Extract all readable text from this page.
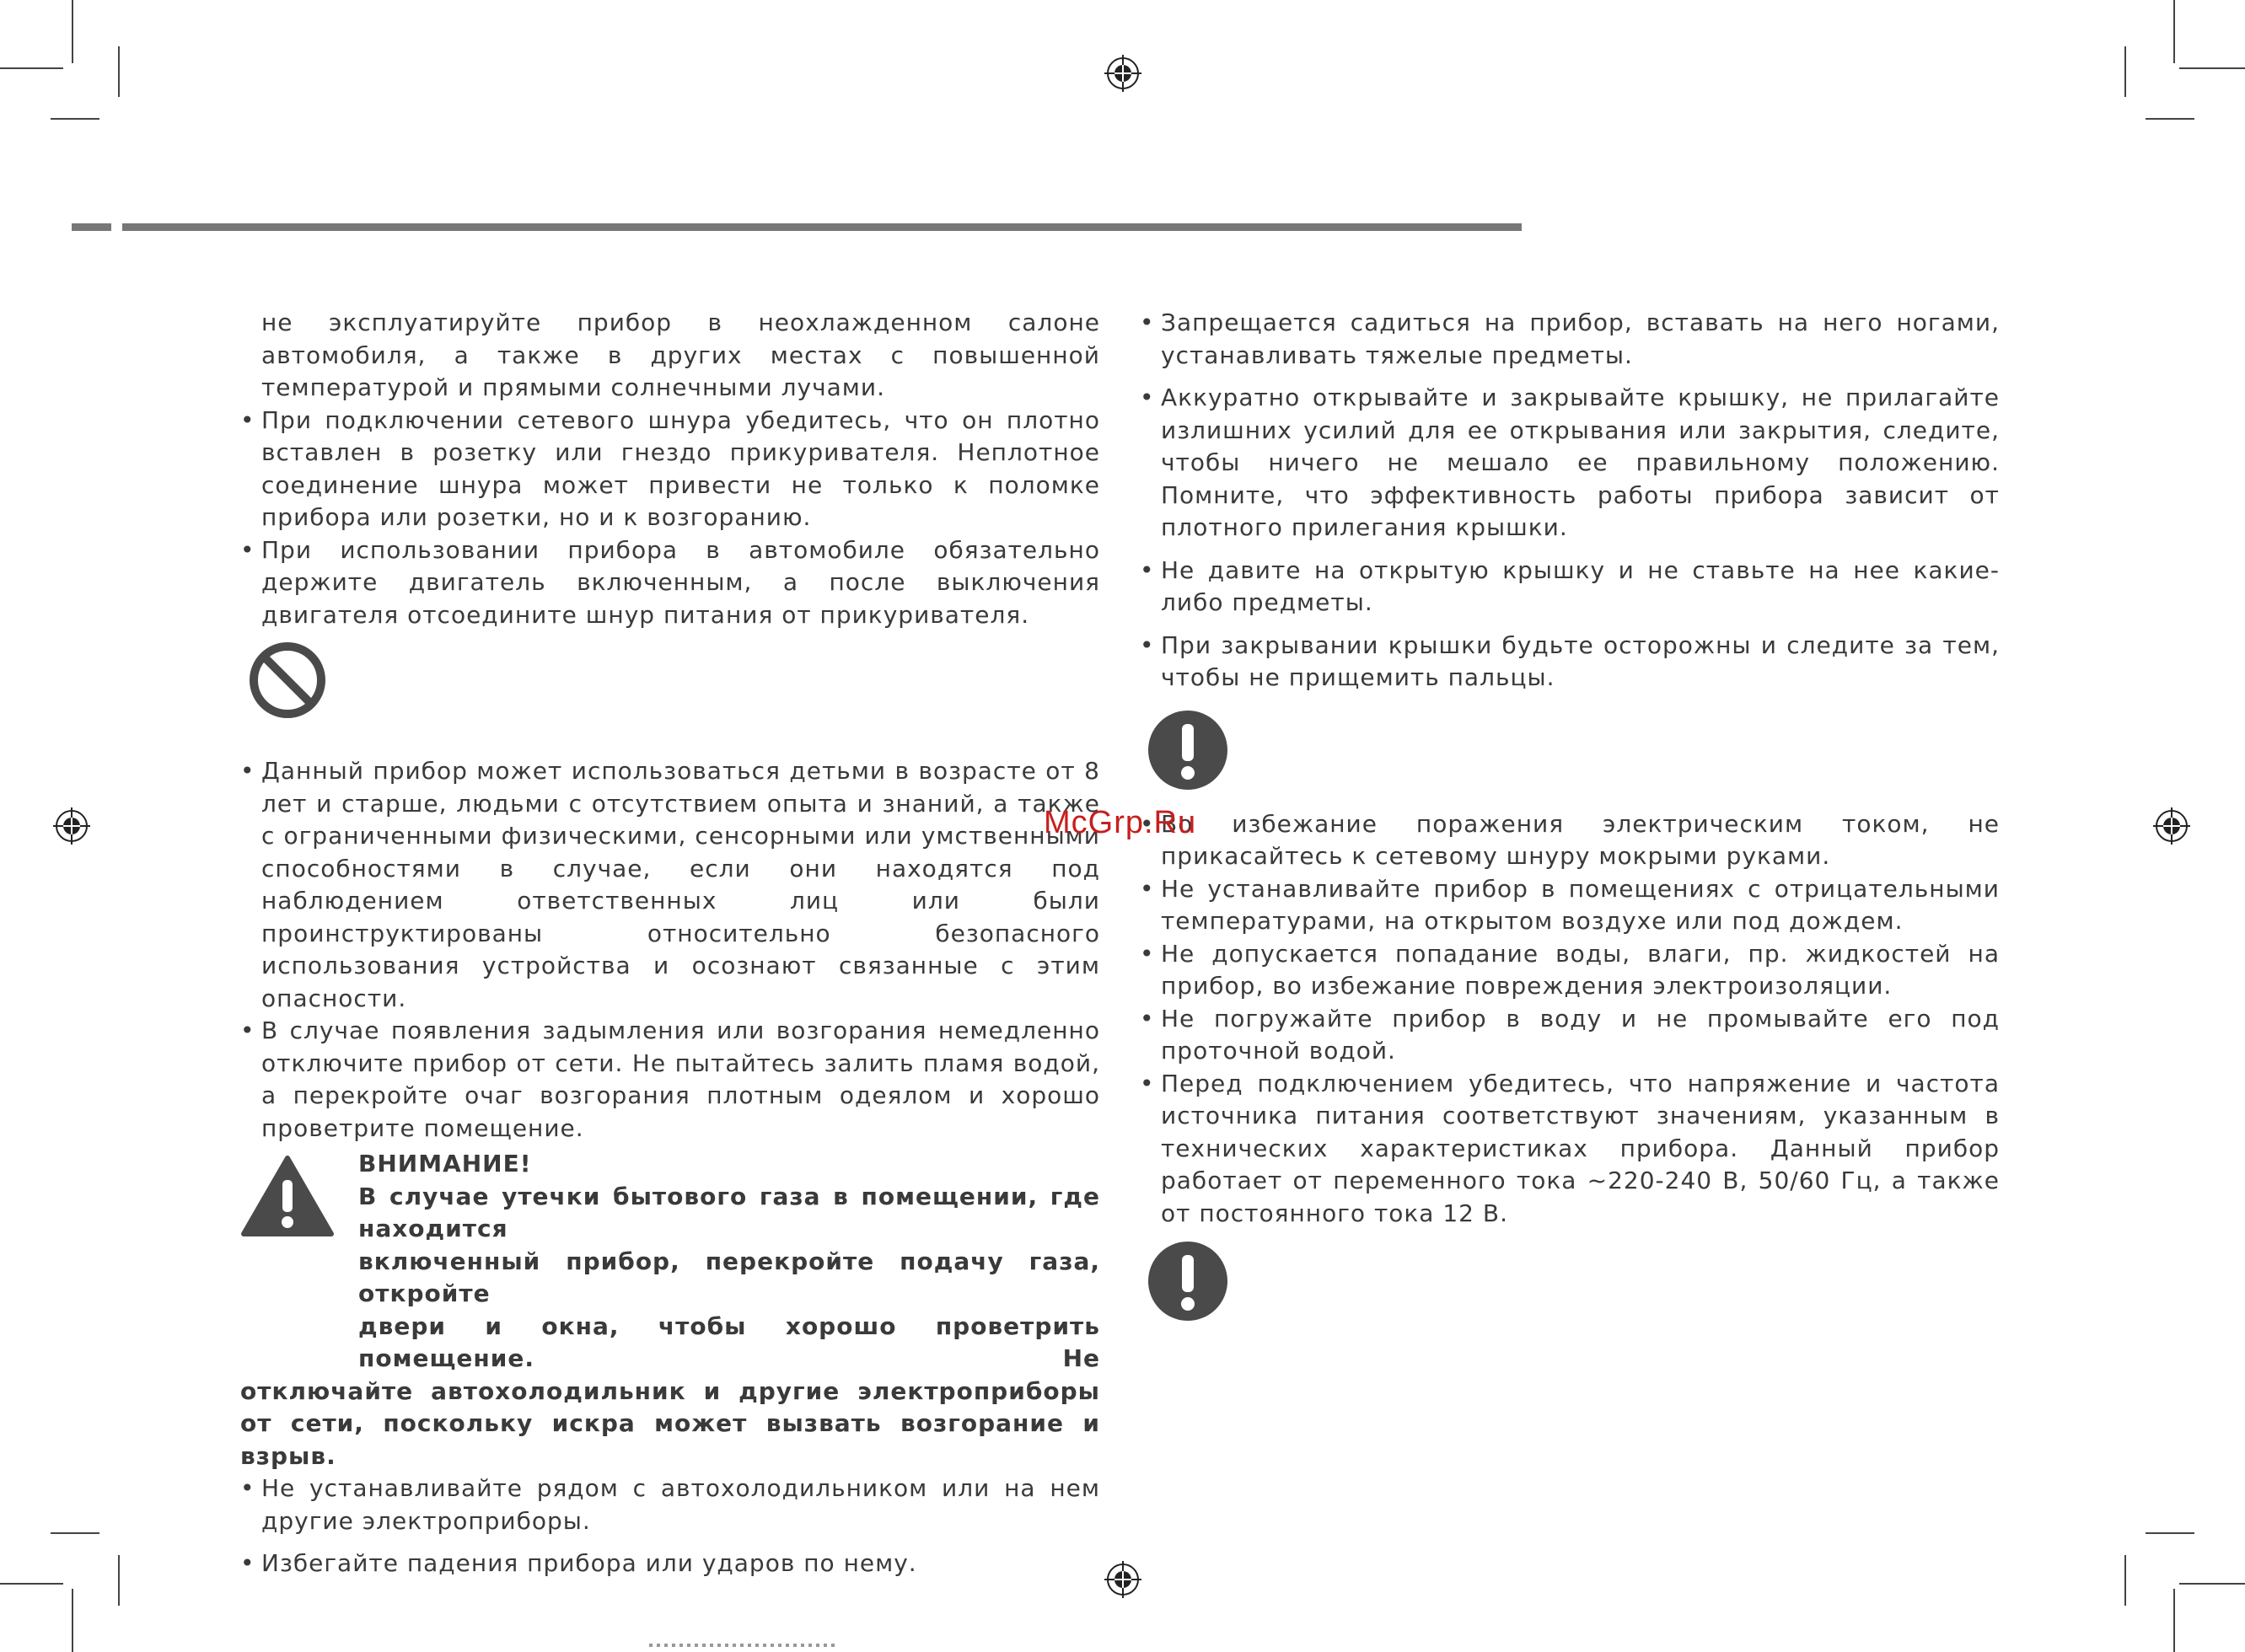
не эксплуатируйте прибор в неохлажденном салоне автомобиля, а также в других местах с повышенной температурой и прямыми солнечными лучами.

• При подключении сетевого шнура убедитесь, что он плотно вставлен в розетку или гнездо прикуривателя. Неплотное соединение шнура может привести не только к поломке прибора или розетки, но и к возгоранию.

• При использовании прибора в автомобиле обязательно держите двигатель включенным, а после выключения двигателя отсоедините шнур питания от прикуривателя.

• Данный прибор может использоваться детьми в возрасте от 8 лет и старше, людьми с отсутствием опыта и знаний, а также с ограниченными физическими, сенсорными или умственными способностями в случае, если они находятся под наблюдением ответственных лиц или были проинструктированы относительно безопасного использования устройства и осознают связанные с этим опасности.

• В случае появления задымления или возгорания немедленно отключите прибор от сети. Не пытайтесь залить пламя водой, а перекройте очаг возгорания плотным одеялом и хорошо проветрите помещение.

ВНИМАНИЕ!
В случае утечки бытового газа в помещении, где находится
включенный прибор, перекройте подачу газа, откройте
двери и окна, чтобы хорошо проветрить помещение. Не
отключайте автохолодильник и другие электроприборы от сети, поскольку искра может вызвать возгорание и взрыв.

• Не устанавливайте рядом с автохолодильником или на нем другие электроприборы.

• Избегайте падения прибора или ударов по нему.

• Запрещается садиться на прибор, вставать на него ногами, устанавливать тяжелые предметы.

• Аккуратно открывайте и закрывайте крышку, не прилагайте излишних усилий для ее открывания или закрытия, следите, чтобы ничего не мешало ее правильному положению. Помните, что эффективность работы прибора зависит от плотного прилегания крышки.

• Не давите на открытую крышку и не ставьте на нее какие-либо предметы.

• При закрывании крышки будьте осторожны и следите за тем, чтобы не прищемить пальцы.

• Во избежание поражения электрическим током, не прикасайтесь к сетевому шнуру мокрыми руками.

• Не устанавливайте прибор в помещениях с отрицательными температурами, на открытом воздухе или под дождем.

• Не допускается попадание воды, влаги, пр. жидкостей на прибор, во избежание повреждения электроизоляции.

• Не погружайте прибор в воду и не промывайте его под проточной водой.

• Перед подключением убедитесь, что напряжение и частота источника питания соответствуют значениям, указанным в технических характеристиках прибора. Данный прибор работает от переменного тока ~220-240 В, 50/60 Гц, а также от постоянного тока 12 В.

McGrp.Ru
